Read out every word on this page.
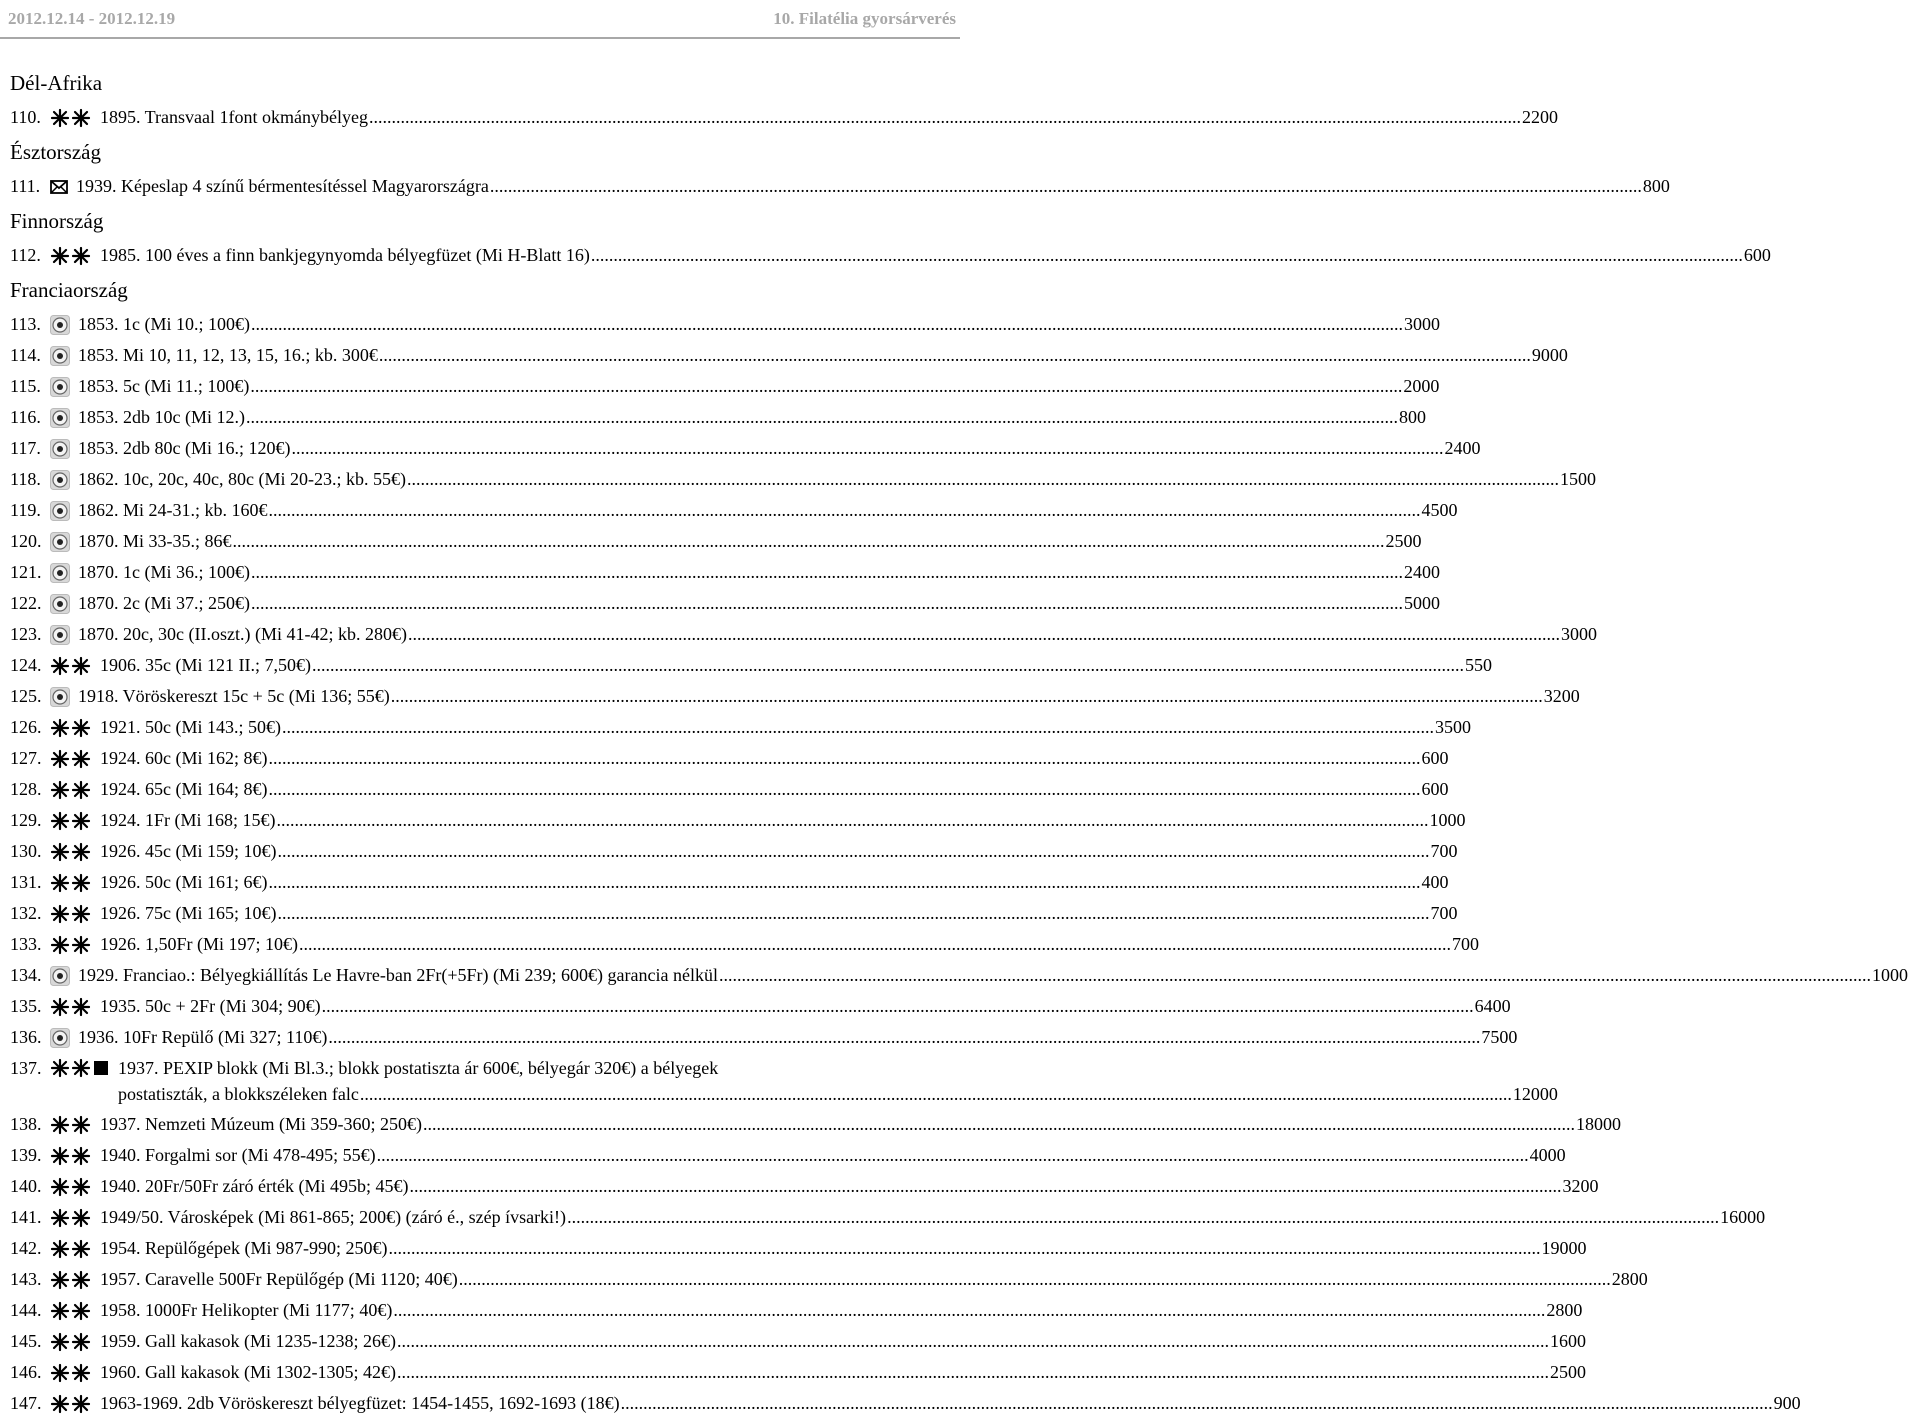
2012.12.14 - 2012.12.19	10. Filatélia gyorsárverés
Dél-Afrika
110.	1895. Transvaal 1font okmánybélyeg .....	2200
Észtország
111.	1939. Képeslap 4 színű bérmentesítéssel Magyarországra .....	800
Finnország
112.	1985. 100 éves a finn bankjegynyomda bélyegfüzet (Mi H-Blatt 16) .....	600
Franciaország
113.	1853. 1c (Mi 10.; 100€) .....	3000
114.	1853. Mi 10, 11, 12, 13, 15, 16.; kb. 300€ .....	9000
115.	1853. 5c (Mi 11.; 100€) .....	2000
116.	1853. 2db 10c (Mi 12.) .....	800
117.	1853. 2db 80c (Mi 16.; 120€) .....	2400
118.	1862. 10c, 20c, 40c, 80c (Mi 20-23.; kb. 55€) .....	1500
119.	1862. Mi 24-31.; kb. 160€ .....	4500
120.	1870. Mi 33-35.; 86€ .....	2500
121.	1870. 1c (Mi 36.; 100€) .....	2400
122.	1870. 2c (Mi 37.; 250€) .....	5000
123.	1870. 20c, 30c (II.oszt.) (Mi 41-42; kb. 280€) .....	3000
124.	1906. 35c (Mi 121 II.; 7,50€) .....	550
125.	1918. Vöröskereszt 15c + 5c (Mi 136; 55€) .....	3200
126.	1921. 50c (Mi 143.; 50€) .....	3500
127.	1924. 60c (Mi 162; 8€) .....	600
128.	1924. 65c (Mi 164; 8€) .....	600
129.	1924. 1Fr (Mi 168; 15€) .....	1000
130.	1926. 45c (Mi 159; 10€) .....	700
131.	1926. 50c (Mi 161; 6€) .....	400
132.	1926. 75c (Mi 165; 10€) .....	700
133.	1926. 1,50Fr (Mi 197; 10€) .....	700
134.	1929. Franciao.: Bélyegkiállítás Le Havre-ban 2Fr(+5Fr) (Mi 239; 600€) garancia nélkül .....	1000
135.	1935. 50c + 2Fr (Mi 304; 90€) .....	6400
136.	1936. 10Fr Repülő (Mi 327; 110€) .....	7500
137.	1937. PEXIP blokk (Mi Bl.3.; blokk postatiszta ár 600€, bélyegár 320€) a bélyegek
postatiszták, a blokkszéleken falc .....	12000
138.	1937. Nemzeti Múzeum (Mi 359-360; 250€) .....	18000
139.	1940. Forgalmi sor (Mi 478-495; 55€) .....	4000
140.	1940. 20Fr/50Fr záró érték (Mi 495b; 45€) .....	3200
141.	1949/50. Városképek (Mi 861-865; 200€) (záró é., szép ívsarki!) .....	16000
142.	1954. Repülőgépek (Mi 987-990; 250€) .....	19000
143.	1957. Caravelle 500Fr Repülőgép (Mi 1120; 40€) .....	2800
144.	1958. 1000Fr Helikopter (Mi 1177; 40€) .....	2800
145.	1959. Gall kakasok (Mi 1235-1238; 26€) .....	1600
146.	1960. Gall kakasok (Mi 1302-1305; 42€) .....	2500
147.	1963-1969. 2db Vöröskereszt bélyegfüzet: 1454-1455, 1692-1693 (18€) .....	900
